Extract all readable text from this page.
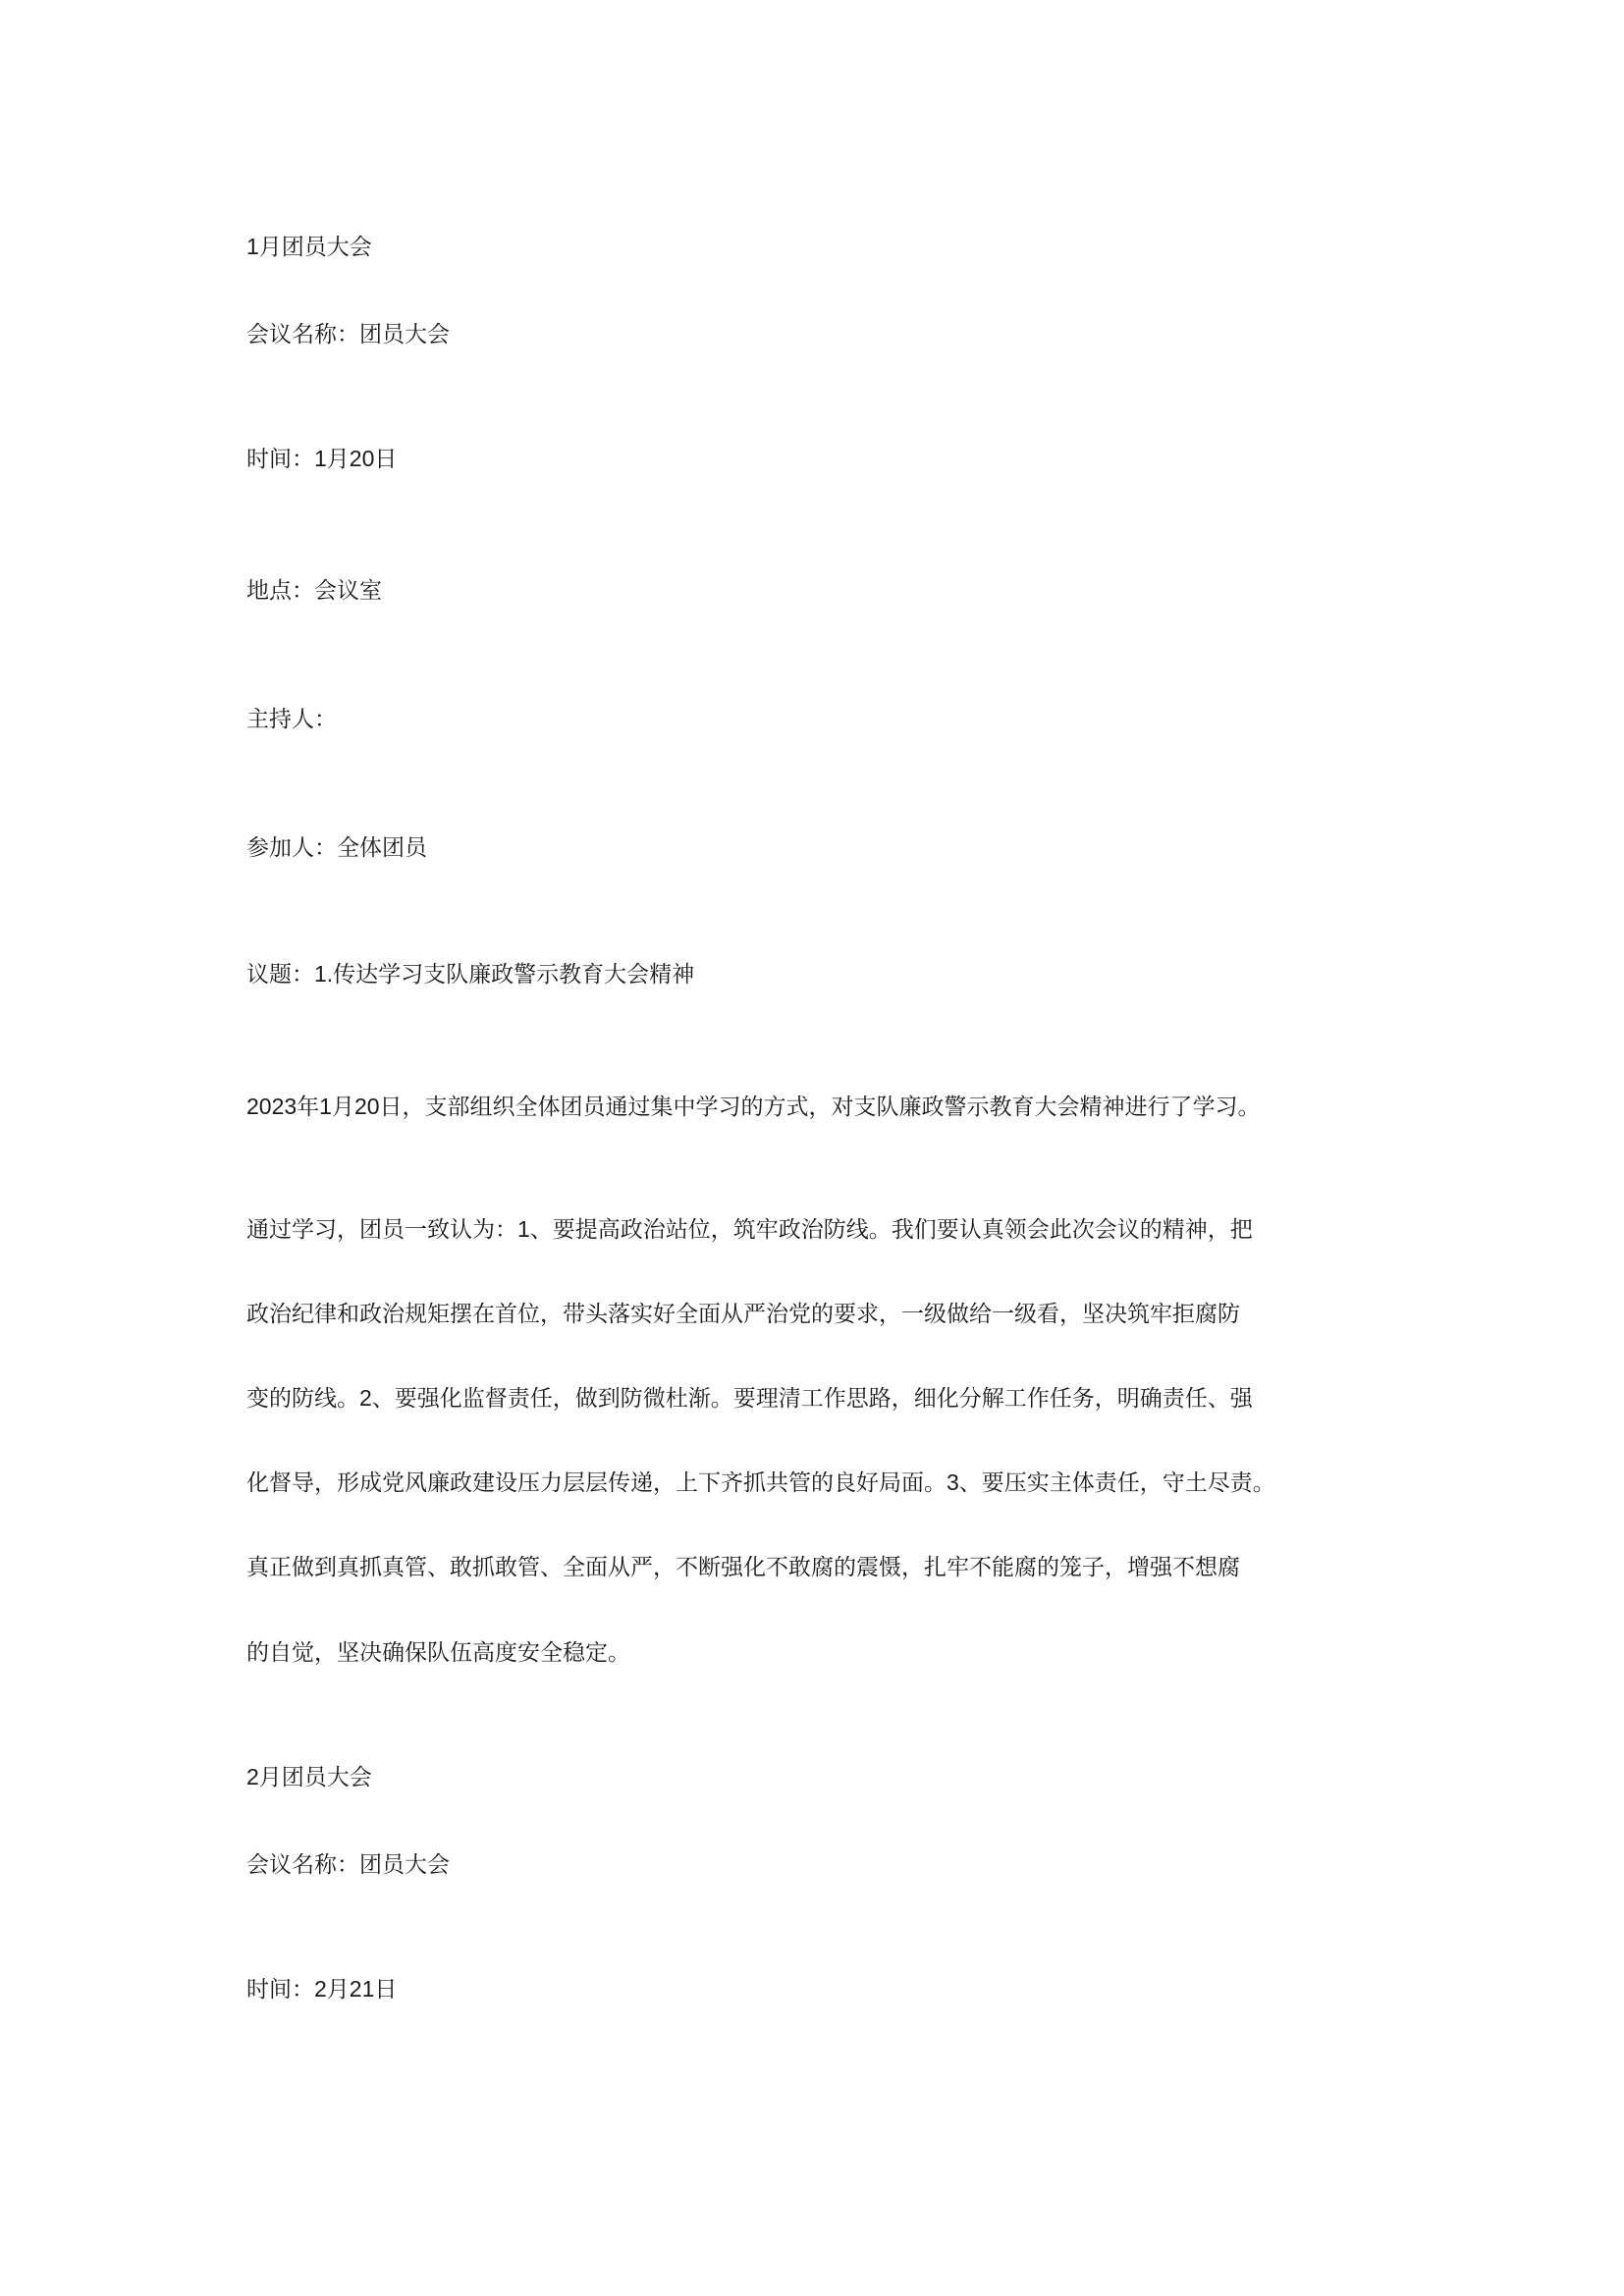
1月团员大会

会议名称：团员大会

时间：1月20日

地点：会议室

主持人：

参加人：全体团员

议题：1.传达学习支队廉政警示教育大会精神

2023年1月20日，支部组织全体团员通过集中学习的方式，对支队廉政警示教育大会精神进行了学习。

通过学习，团员一致认为：1、要提高政治站位，筑牢政治防线。我们要认真领会此次会议的精神，把

政治纪律和政治规矩摆在首位，带头落实好全面从严治党的要求，一级做给一级看，坚决筑牢拒腐防

变的防线。2、要强化监督责任，做到防微杜渐。要理清工作思路，细化分解工作任务，明确责任、强

化督导，形成党风廉政建设压力层层传递，上下齐抓共管的良好局面。3、要压实主体责任，守土尽责。

真正做到真抓真管、敢抓敢管、全面从严，不断强化不敢腐的震慑，扎牢不能腐的笼子，增强不想腐

的自觉，坚决确保队伍高度安全稳定。

2月团员大会

会议名称：团员大会

时间：2月21日
